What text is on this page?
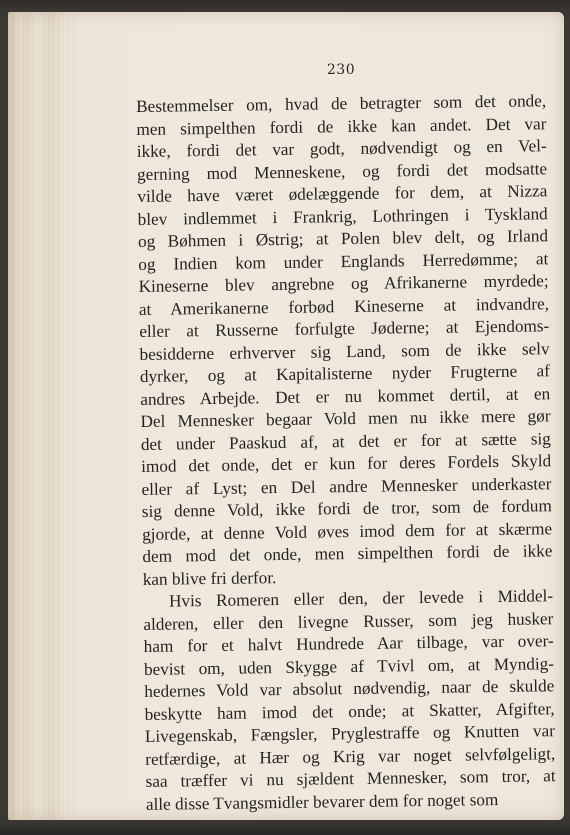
230
Bestemmelser om, hvad de betragter som det onde,
men simpelthen fordi de ikke kan andet. Det var
ikke, fordi det var godt, nødvendigt og en Vel-
gerning mod Menneskene, og fordi det modsatte
vilde have været ødelæggende for dem, at Nizza
blev indlemmet i Frankrig, Lothringen i Tyskland
og Bøhmen i Østrig; at Polen blev delt, og Irland
og Indien kom under Englands Herredømme; at
Kineserne blev angrebne og Afrikanerne myrdede;
at Amerikanerne forbød Kineserne at indvandre,
eller at Russerne forfulgte Jøderne; at Ejendoms-
besidderne erhverver sig Land, som de ikke selv
dyrker, og at Kapitalisterne nyder Frugterne af
andres Arbejde. Det er nu kommet dertil, at en
Del Mennesker begaar Vold men nu ikke mere gør
det under Paaskud af, at det er for at sætte sig
imod det onde, det er kun for deres Fordels Skyld
eller af Lyst; en Del andre Mennesker underkaster
sig denne Vold, ikke fordi de tror, som de fordum
gjorde, at denne Vold øves imod dem for at skærme
dem mod det onde, men simpelthen fordi de ikke
kan blive fri derfor.
Hvis Romeren eller den, der levede i Middel-
alderen, eller den livegne Russer, som jeg husker
ham for et halvt Hundrede Aar tilbage, var over-
bevist om, uden Skygge af Tvivl om, at Myndig-
hedernes Vold var absolut nødvendig, naar de skulde
beskytte ham imod det onde; at Skatter, Afgifter,
Livegenskab, Fængsler, Pryglestraffe og Knutten var
retfærdige, at Hær og Krig var noget selvfølgeligt,
saa træffer vi nu sjældent Mennesker, som tror, at
alle disse Tvangsmidler bevarer dem for noget som
